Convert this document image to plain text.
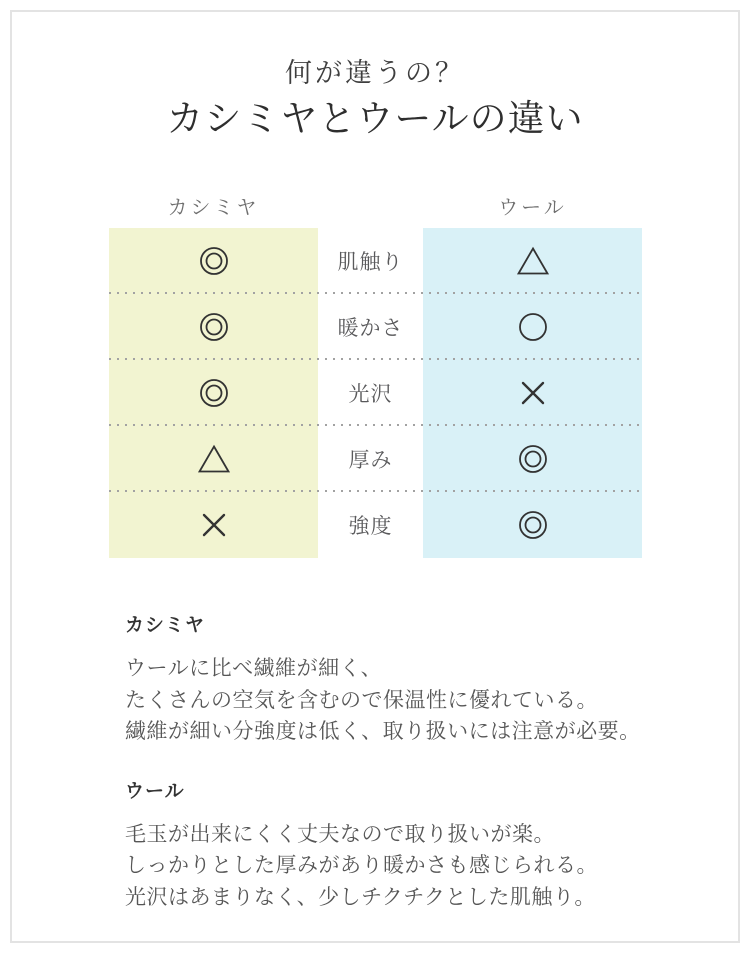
何が違うの？
カシミヤとウールの違い
カシミヤ	ウール
肌触り
暖かさ
光沢
厚み
強度
カシミヤ

ウールに比べ繊維が細く、

たくさんの空気を含むので保温性に優れている。

繊維が細い分強度は低く、取り扱いには注意が必要。

ウール

毛玉が出来にくく丈夫なので取り扱いが楽。

しっかりとした厚みがあり暖かさも感じられる。

光沢はあまりなく、少しチクチクとした肌触り。
